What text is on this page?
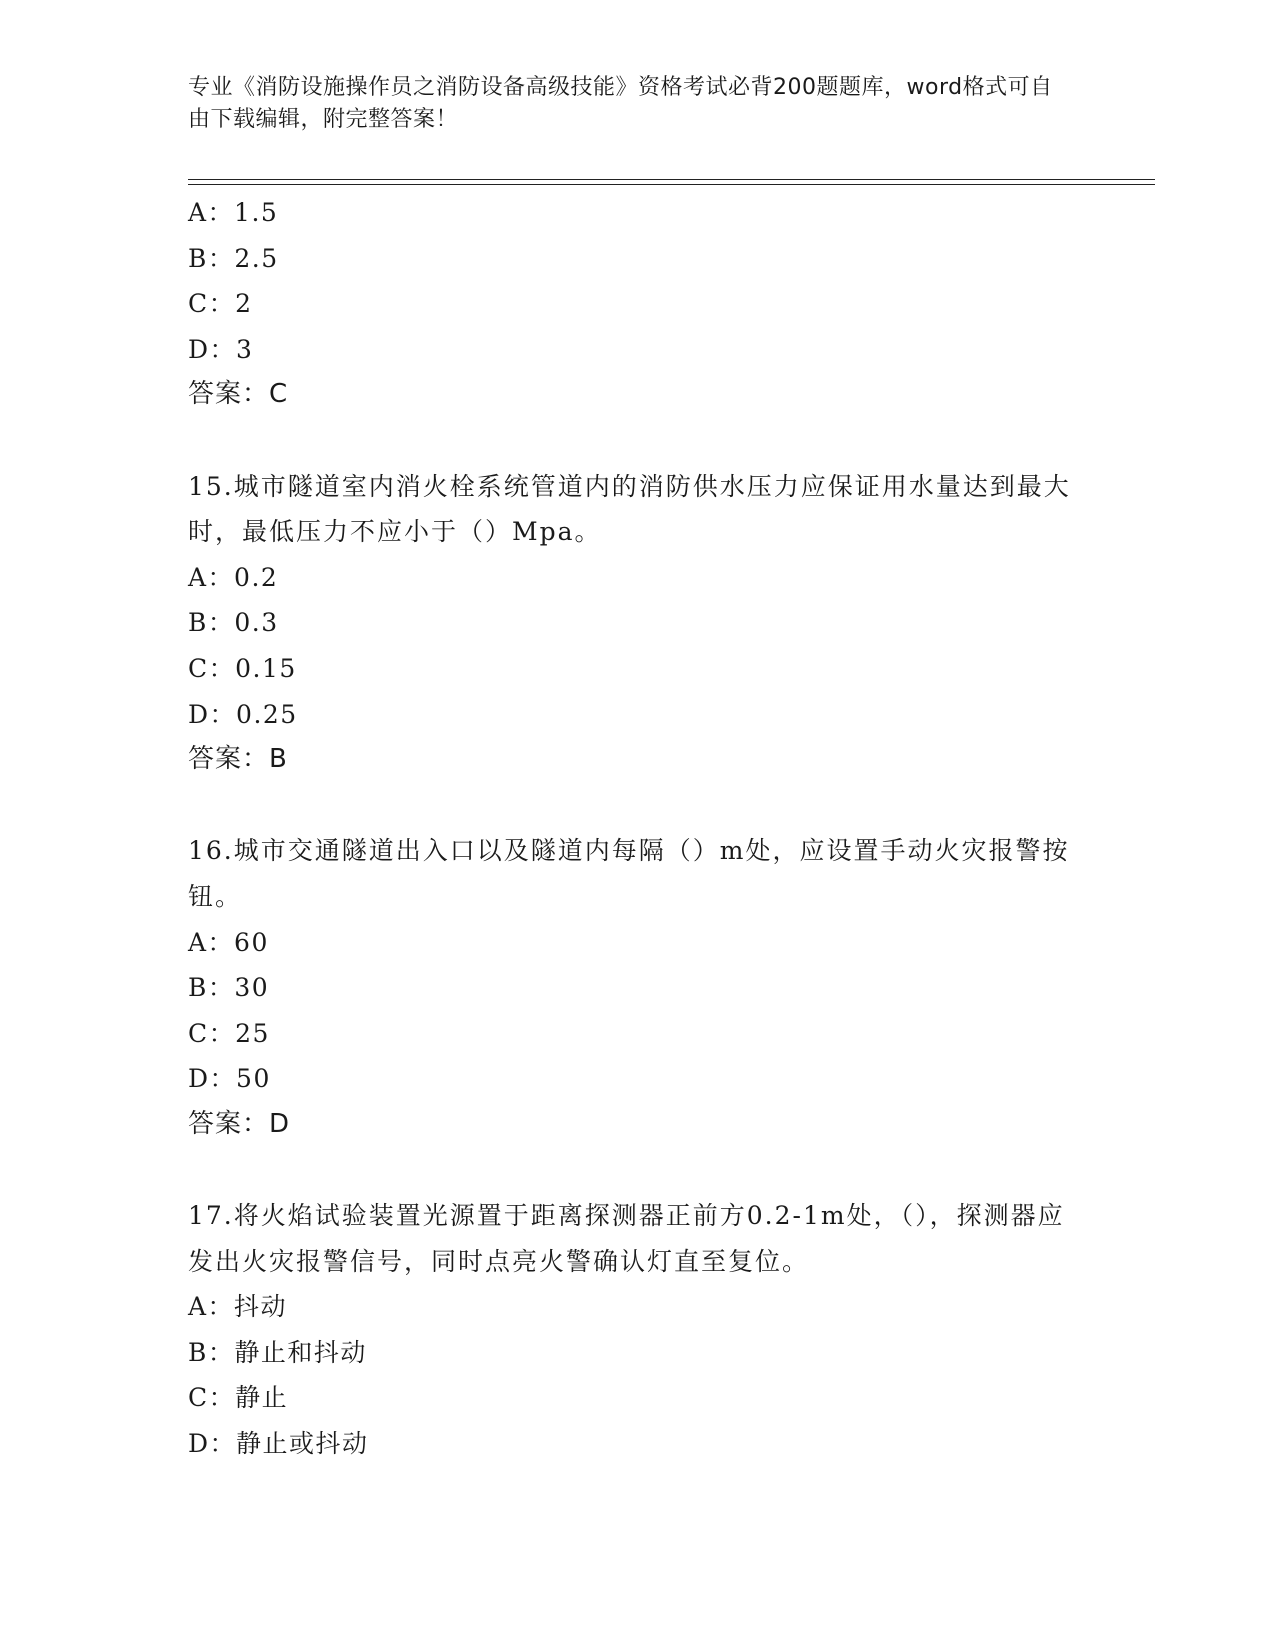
专业《消防设施操作员之消防设备高级技能》资格考试必背200题题库，word格式可自由下载编辑，附完整答案！
A：1.5
B：2.5
C：2
D：3
答案：C
15.城市隧道室内消火栓系统管道内的消防供水压力应保证用水量达到最大时，最低压力不应小于（）Mpa。
A：0.2
B：0.3
C：0.15
D：0.25
答案：B
16.城市交通隧道出入口以及隧道内每隔（）m处，应设置手动火灾报警按钮。
A：60
B：30
C：25
D：50
答案：D
17.将火焰试验装置光源置于距离探测器正前方0.2-1m处，（），探测器应发出火灾报警信号，同时点亮火警确认灯直至复位。
A：抖动
B：静止和抖动
C：静止
D：静止或抖动
